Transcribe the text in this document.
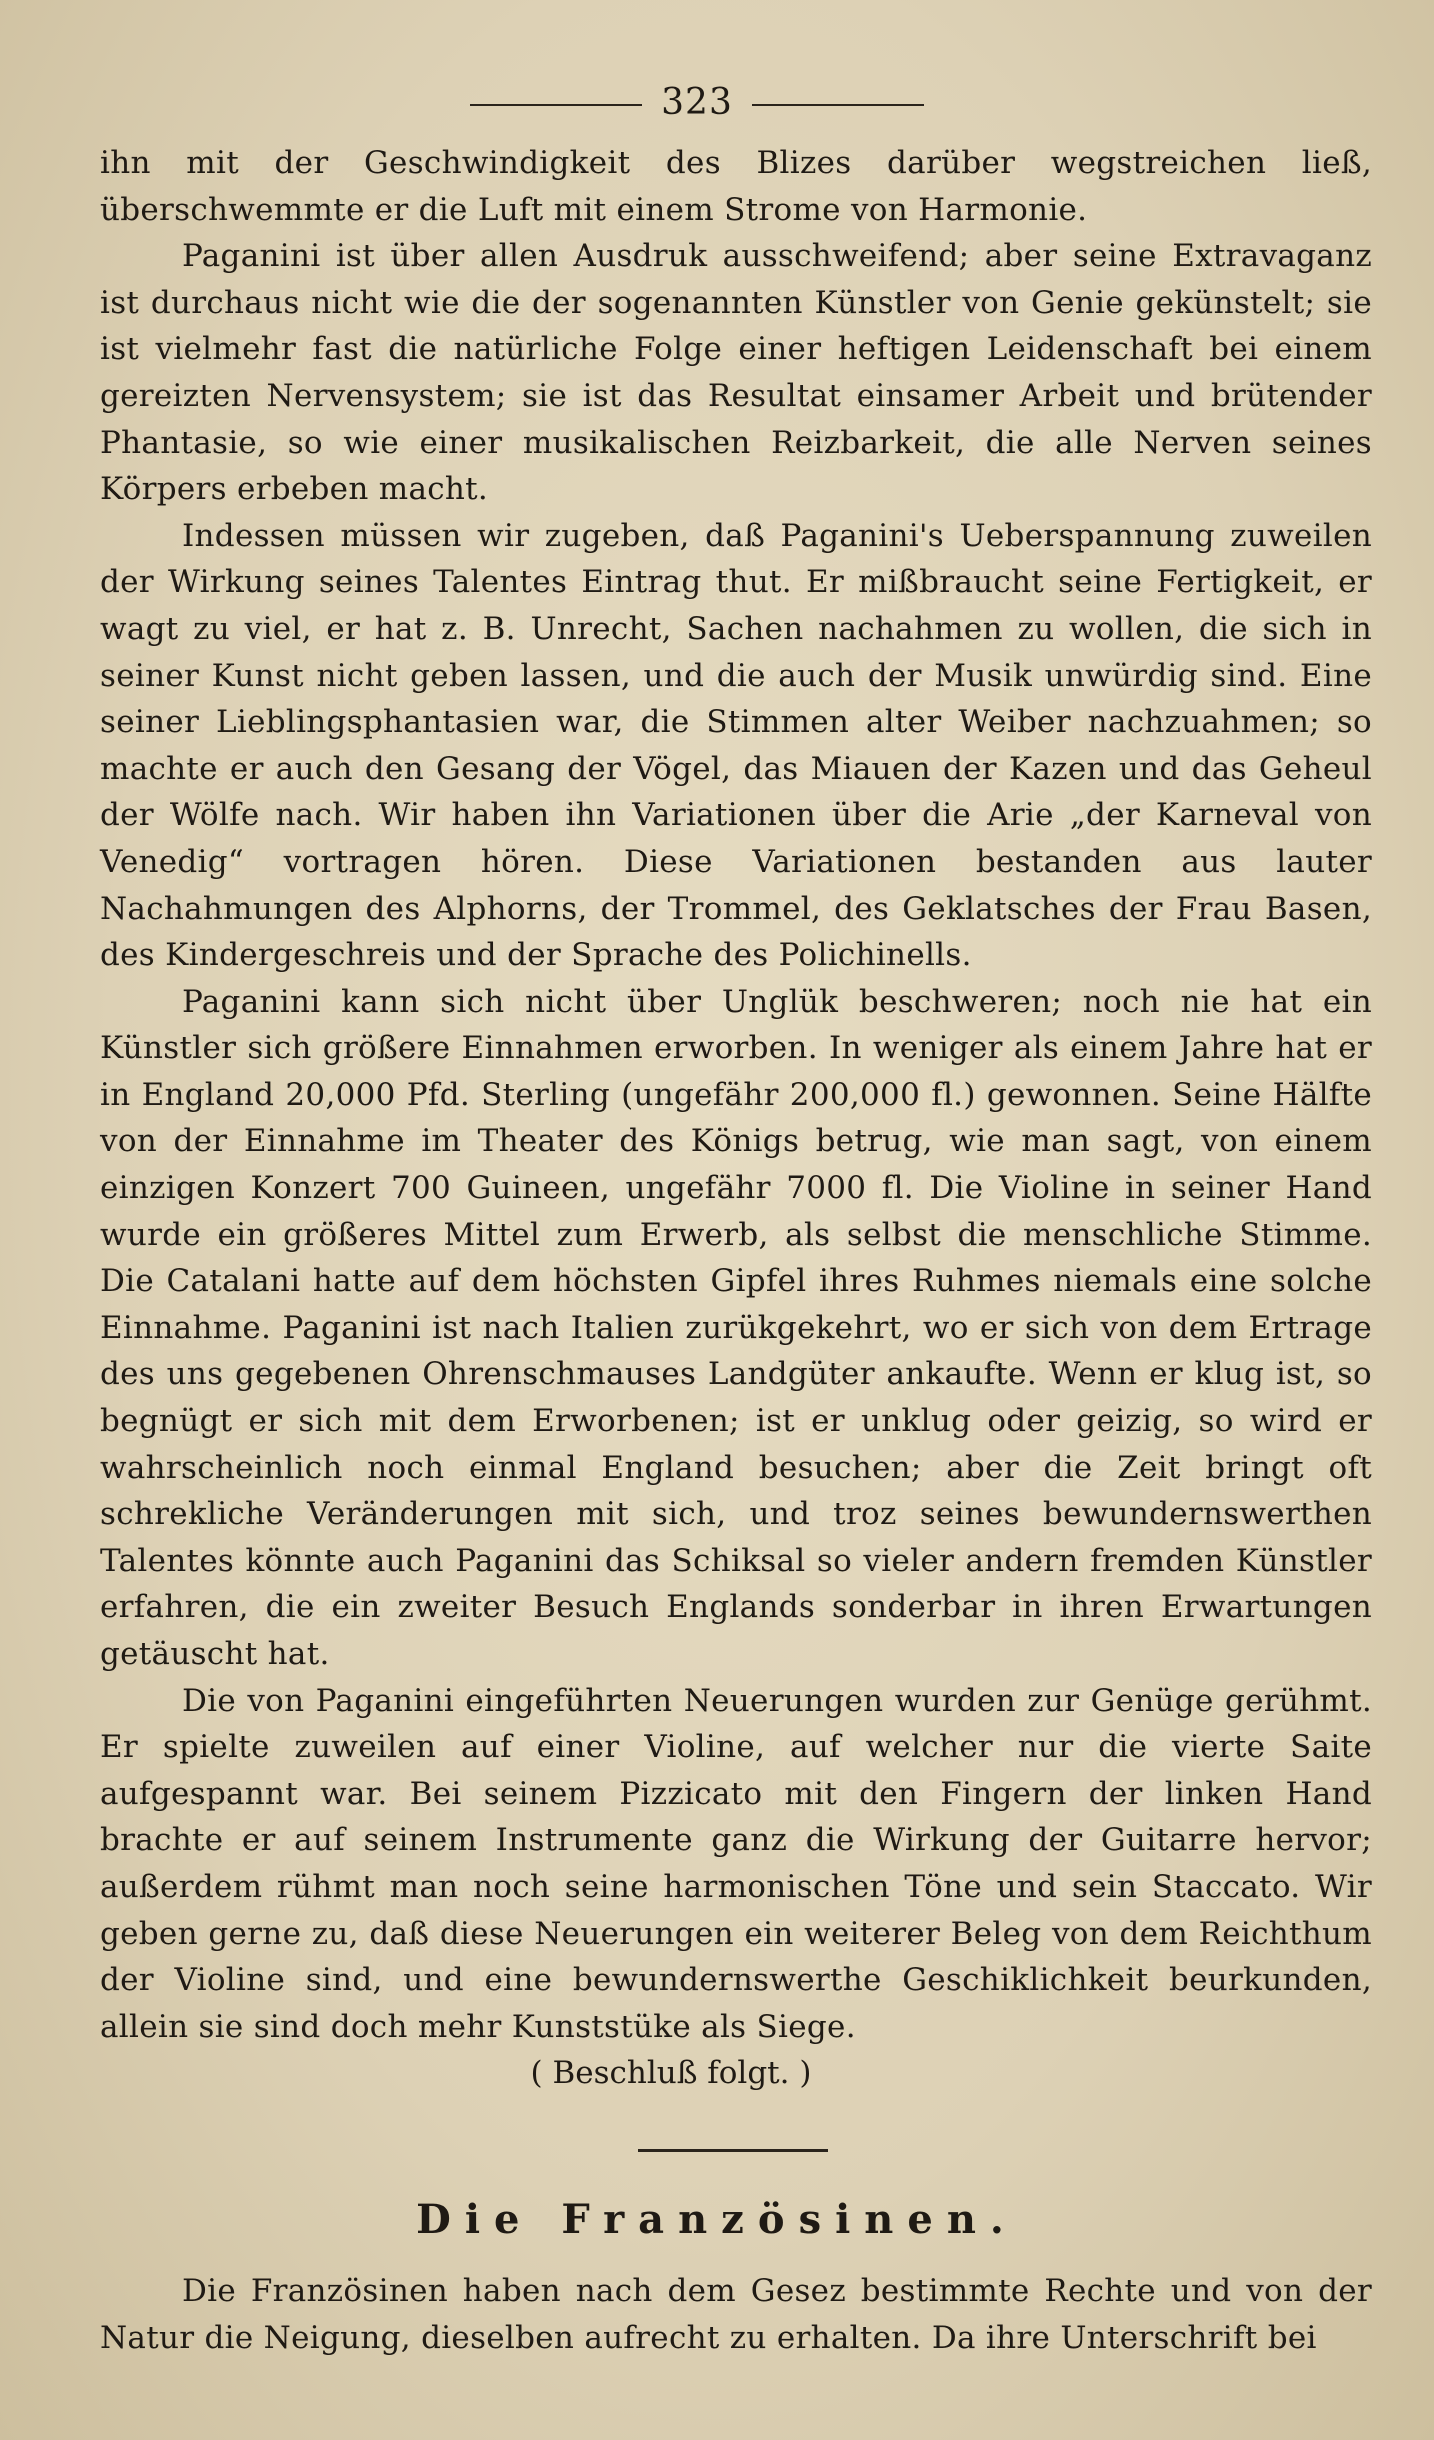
323

ihn mit der Geschwindigkeit des Blizes darüber wegstreichen ließ, überschwemmte er die Luft mit einem Strome von Harmonie.

Paganini ist über allen Ausdruk ausschweifend; aber seine Extravaganz ist durchaus nicht wie die der sogenannten Künstler von Genie gekünstelt; sie ist vielmehr fast die natürliche Folge einer heftigen Leidenschaft bei einem gereizten Nervensystem; sie ist das Resultat einsamer Arbeit und brütender Phantasie, so wie einer musikalischen Reizbarkeit, die alle Nerven seines Körpers erbeben macht.

Indessen müssen wir zugeben, daß Paganini's Ueberspannung zuweilen der Wirkung seines Talentes Eintrag thut. Er mißbraucht seine Fertigkeit, er wagt zu viel, er hat z. B. Unrecht, Sachen nachahmen zu wollen, die sich in seiner Kunst nicht geben lassen, und die auch der Musik unwürdig sind. Eine seiner Lieblingsphantasien war, die Stimmen alter Weiber nachzuahmen; so machte er auch den Gesang der Vögel, das Miauen der Kazen und das Geheul der Wölfe nach. Wir haben ihn Variationen über die Arie „der Karneval von Venedig“ vortragen hören. Diese Variationen bestanden aus lauter Nachahmungen des Alphorns, der Trommel, des Geklatsches der Frau Basen, des Kindergeschreis und der Sprache des Polichinells.

Paganini kann sich nicht über Unglük beschweren; noch nie hat ein Künstler sich größere Einnahmen erworben. In weniger als einem Jahre hat er in England 20,000 Pfd. Sterling (ungefähr 200,000 fl.) gewonnen. Seine Hälfte von der Einnahme im Theater des Königs betrug, wie man sagt, von einem einzigen Konzert 700 Guineen, ungefähr 7000 fl. Die Violine in seiner Hand wurde ein größeres Mittel zum Erwerb, als selbst die menschliche Stimme. Die Catalani hatte auf dem höchsten Gipfel ihres Ruhmes niemals eine solche Einnahme. Paganini ist nach Italien zurükgekehrt, wo er sich von dem Ertrage des uns gegebenen Ohrenschmauses Landgüter ankaufte. Wenn er klug ist, so begnügt er sich mit dem Erworbenen; ist er unklug oder geizig, so wird er wahrscheinlich noch einmal England besuchen; aber die Zeit bringt oft schrekliche Veränderungen mit sich, und troz seines bewundernswerthen Talentes könnte auch Paganini das Schiksal so vieler andern fremden Künstler erfahren, die ein zweiter Besuch Englands sonderbar in ihren Erwartungen getäuscht hat.

Die von Paganini eingeführten Neuerungen wurden zur Genüge gerühmt. Er spielte zuweilen auf einer Violine, auf welcher nur die vierte Saite aufgespannt war. Bei seinem Pizzicato mit den Fingern der linken Hand brachte er auf seinem Instrumente ganz die Wirkung der Guitarre hervor; außerdem rühmt man noch seine harmonischen Töne und sein Staccato. Wir geben gerne zu, daß diese Neuerungen ein weiterer Beleg von dem Reichthum der Violine sind, und eine bewundernswerthe Geschiklichkeit beurkunden, allein sie sind doch mehr Kunststüke als Siege.

( Beschluß folgt. )

Die Französinen.

Die Französinen haben nach dem Gesez bestimmte Rechte und von der Natur die Neigung, dieselben aufrecht zu erhalten. Da ihre Unterschrift bei
